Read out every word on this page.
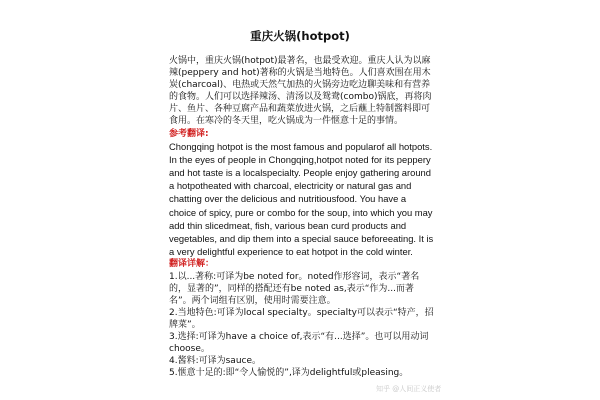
重庆火锅(hotpot)

火锅中，重庆火锅(hotpot)最著名，也最受欢迎。重庆人认为以麻辣(peppery and hot)著称的火锅是当地特色。人们喜欢围在用木炭(charcoal)、电热或天然气加热的火锅旁边吃边聊美味和有营养的食物。人们可以选择辣汤、清汤以及鸳鸯(combo)锅底，再将肉片、鱼片、各种豆腐产品和蔬菜放进火锅，之后蘸上特制酱料即可食用。在寒冷的冬天里，吃火锅成为一件惬意十足的事情。

参考翻译:

Chongqing hotpot is the most famous and popularof all hotpots. In the eyes of people in Chongqing,hotpot noted for its peppery and hot taste is a localspecialty. People enjoy gathering around a hotpotheated with charcoal, electricity or natural gas and chatting over the delicious and nutritiousfood. You have a choice of spicy, pure or combo for the soup, into which you may add thin slicedmeat, fish, various bean curd products and vegetables, and dip them into a special sauce beforeeating. It is a very delightful experience to eat hotpot in the cold winter.

翻译详解：

1.以...著称:可译为be noted for。noted作形容词，表示“著名的，显著的”，同样的搭配还有be noted as,表示“作为...而著名”。两个词组有区别，使用时需要注意。

2.当地特色:可译为local specialty。specialty可以表示“特产，招牌菜”。

3.选择:可译为have a choice of,表示“有...选择”。也可以用动词choose。

4.酱料:可译为sauce。

5.惬意十足的:即“令人愉悦的”,译为delightful或pleasing。

知乎 @人间正义使者
